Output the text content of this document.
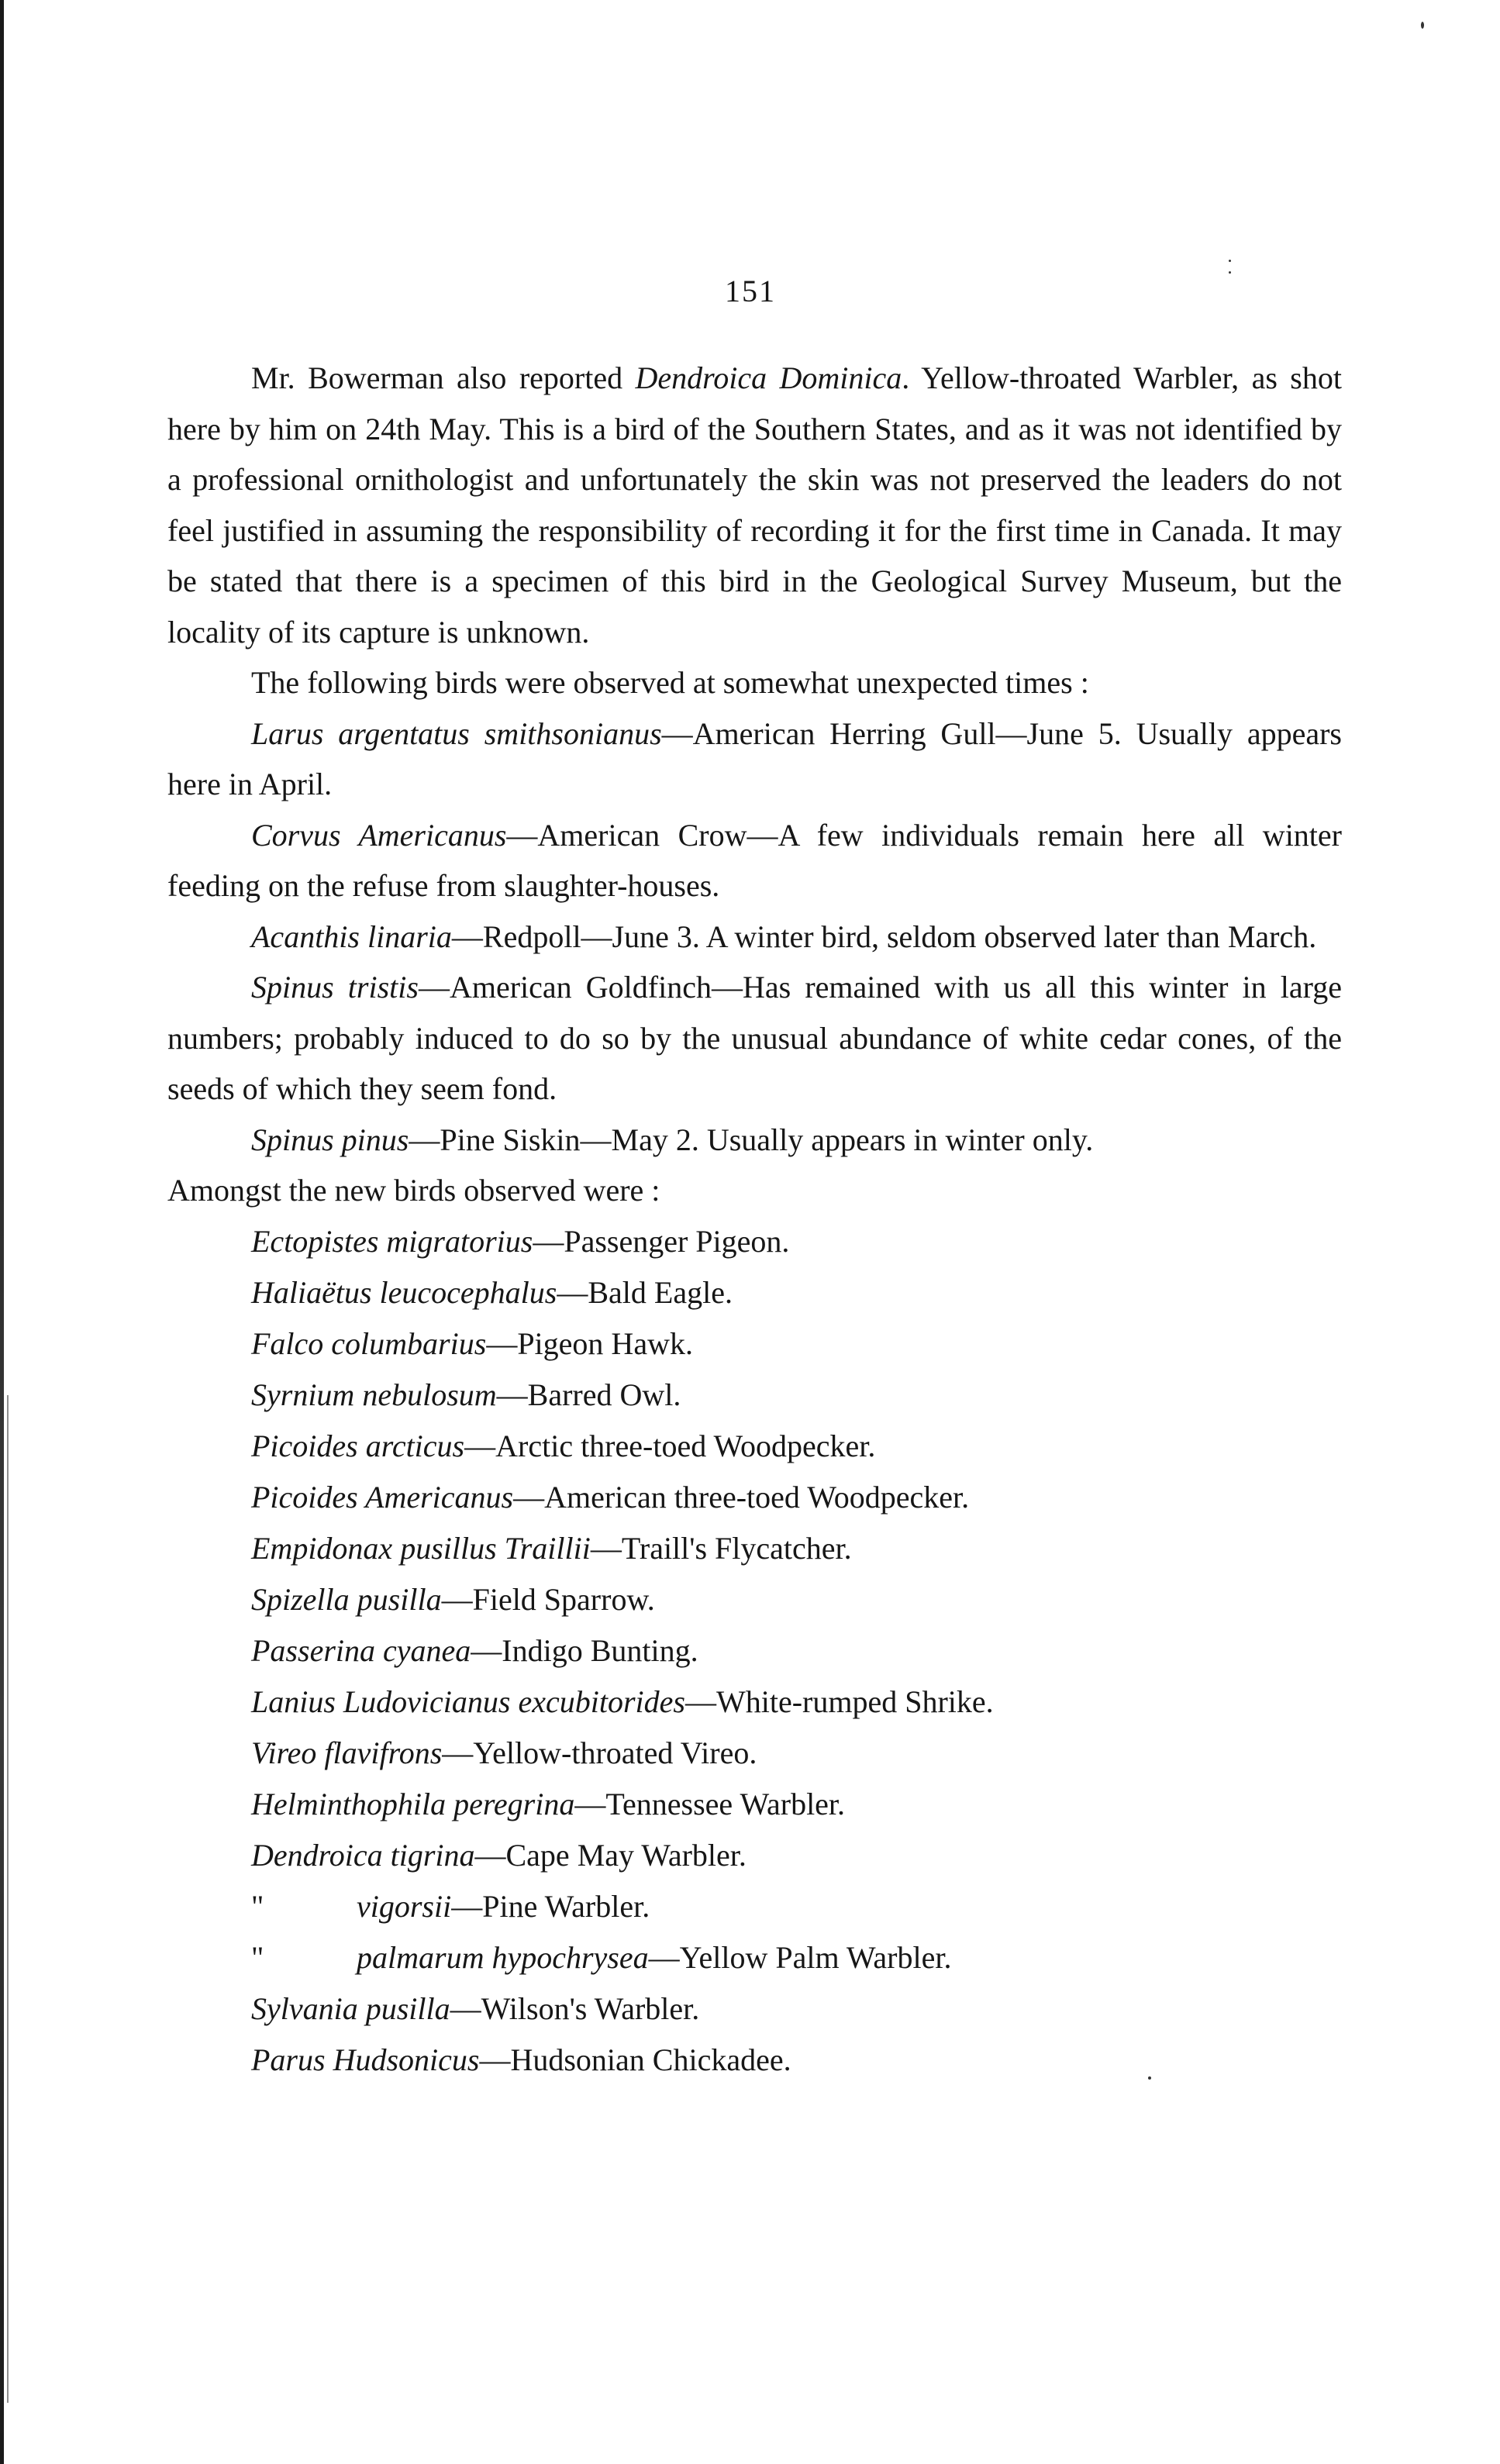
151

Mr. Bowerman also reported Dendroica Dominica. Yellow-throated Warbler, as shot here by him on 24th May. This is a bird of the Southern States, and as it was not identified by a professional ornithologist and unfortunately the skin was not preserved the leaders do not feel justified in assuming the responsibility of recording it for the first time in Canada. It may be stated that there is a specimen of this bird in the Geological Survey Museum, but the locality of its capture is unknown.

The following birds were observed at somewhat unexpected times :

Larus argentatus smithsonianus—American Herring Gull—June 5. Usually appears here in April.

Corvus Americanus—American Crow—A few individuals remain here all winter feeding on the refuse from slaughter-houses.

Acanthis linaria—Redpoll—June 3. A winter bird, seldom observed later than March.

Spinus tristis—American Goldfinch—Has remained with us all this winter in large numbers; probably induced to do so by the unusual abundance of white cedar cones, of the seeds of which they seem fond.

Spinus pinus—Pine Siskin—May 2. Usually appears in winter only.

Amongst the new birds observed were :

Ectopistes migratorius—Passenger Pigeon.
Haliaëtus leucocephalus—Bald Eagle.
Falco columbarius—Pigeon Hawk.
Syrnium nebulosum—Barred Owl.
Picoides arcticus—Arctic three-toed Woodpecker.
Picoides Americanus—American three-toed Woodpecker.
Empidonax pusillus Traillii—Traill's Flycatcher.
Spizella pusilla—Field Sparrow.
Passerina cyanea—Indigo Bunting.
Lanius Ludovicianus excubitorides—White-rumped Shrike.
Vireo flavifrons—Yellow-throated Vireo.
Helminthophila peregrina—Tennessee Warbler.
Dendroica tigrina—Cape May Warbler.
"	vigorsii—Pine Warbler.
"	palmarum hypochrysea—Yellow Palm Warbler.
Sylvania pusilla—Wilson's Warbler.
Parus Hudsonicus—Hudsonian Chickadee.
